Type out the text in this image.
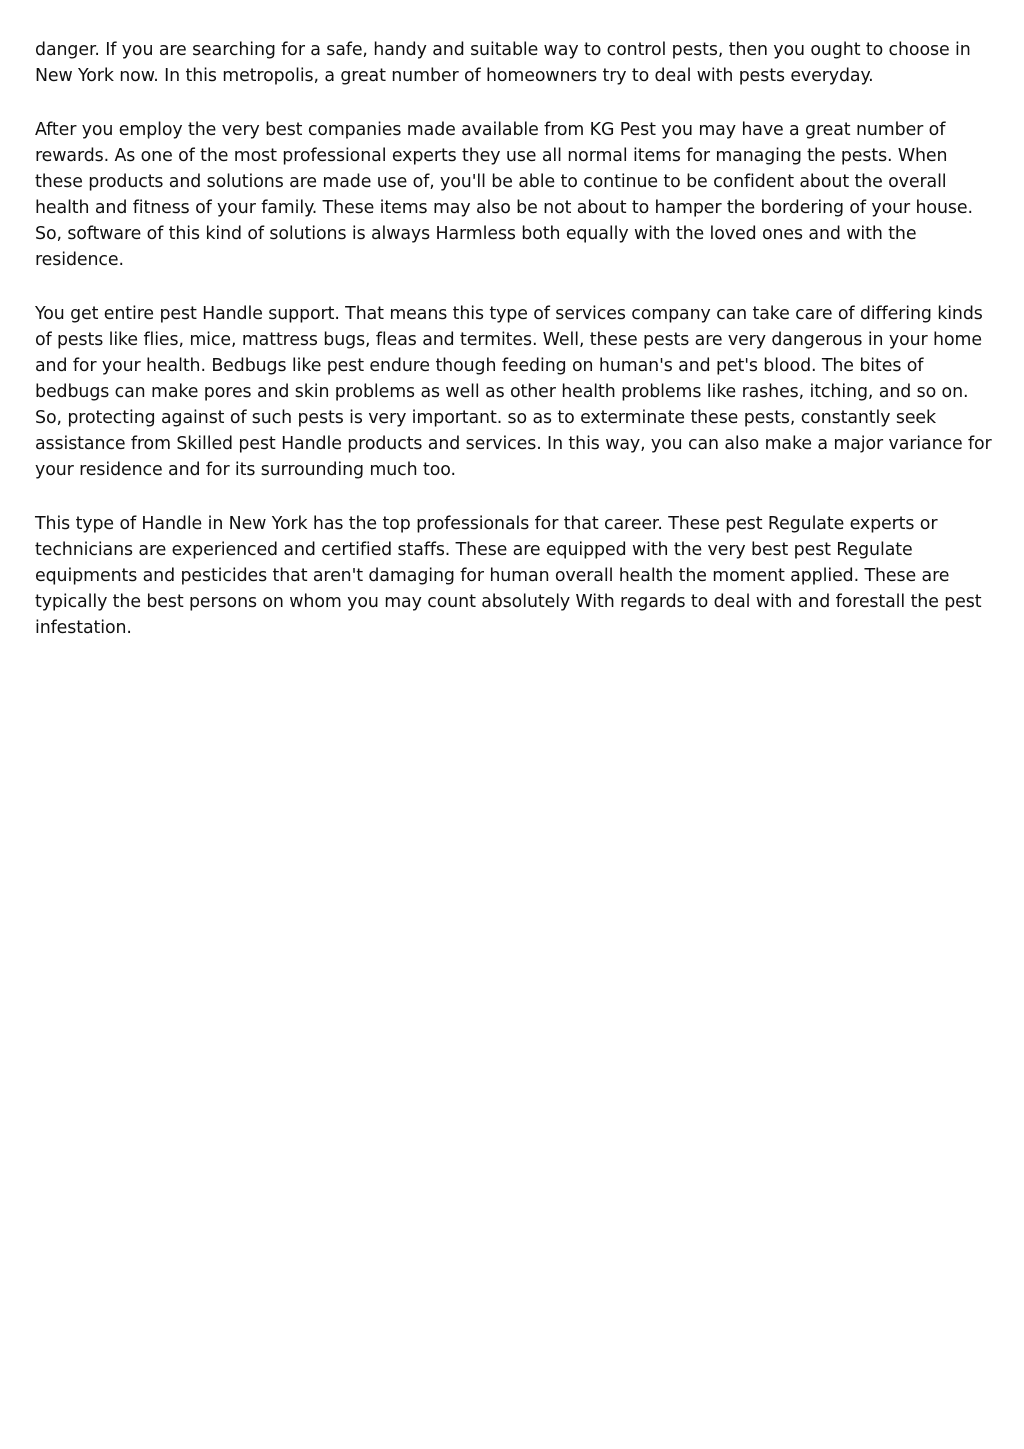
danger. If you are searching for a safe, handy and suitable way to control pests, then you ought to choose in New York now. In this metropolis, a great number of homeowners try to deal with pests everyday.

After you employ the very best companies made available from KG Pest you may have a great number of rewards. As one of the most professional experts they use all normal items for managing the pests. When these products and solutions are made use of, you'll be able to continue to be confident about the overall health and fitness of your family. These items may also be not about to hamper the bordering of your house. So, software of this kind of solutions is always Harmless both equally with the loved ones and with the residence.

You get entire pest Handle support. That means this type of services company can take care of differing kinds of pests like flies, mice, mattress bugs, fleas and termites. Well, these pests are very dangerous in your home and for your health. Bedbugs like pest endure though feeding on human's and pet's blood. The bites of bedbugs can make pores and skin problems as well as other health problems like rashes, itching, and so on. So, protecting against of such pests is very important. so as to exterminate these pests, constantly seek assistance from Skilled pest Handle products and services. In this way, you can also make a major variance for your residence and for its surrounding much too.

This type of Handle in New York has the top professionals for that career. These pest Regulate experts or technicians are experienced and certified staffs. These are equipped with the very best pest Regulate equipments and pesticides that aren't damaging for human overall health the moment applied. These are typically the best persons on whom you may count absolutely With regards to deal with and forestall the pest infestation.
